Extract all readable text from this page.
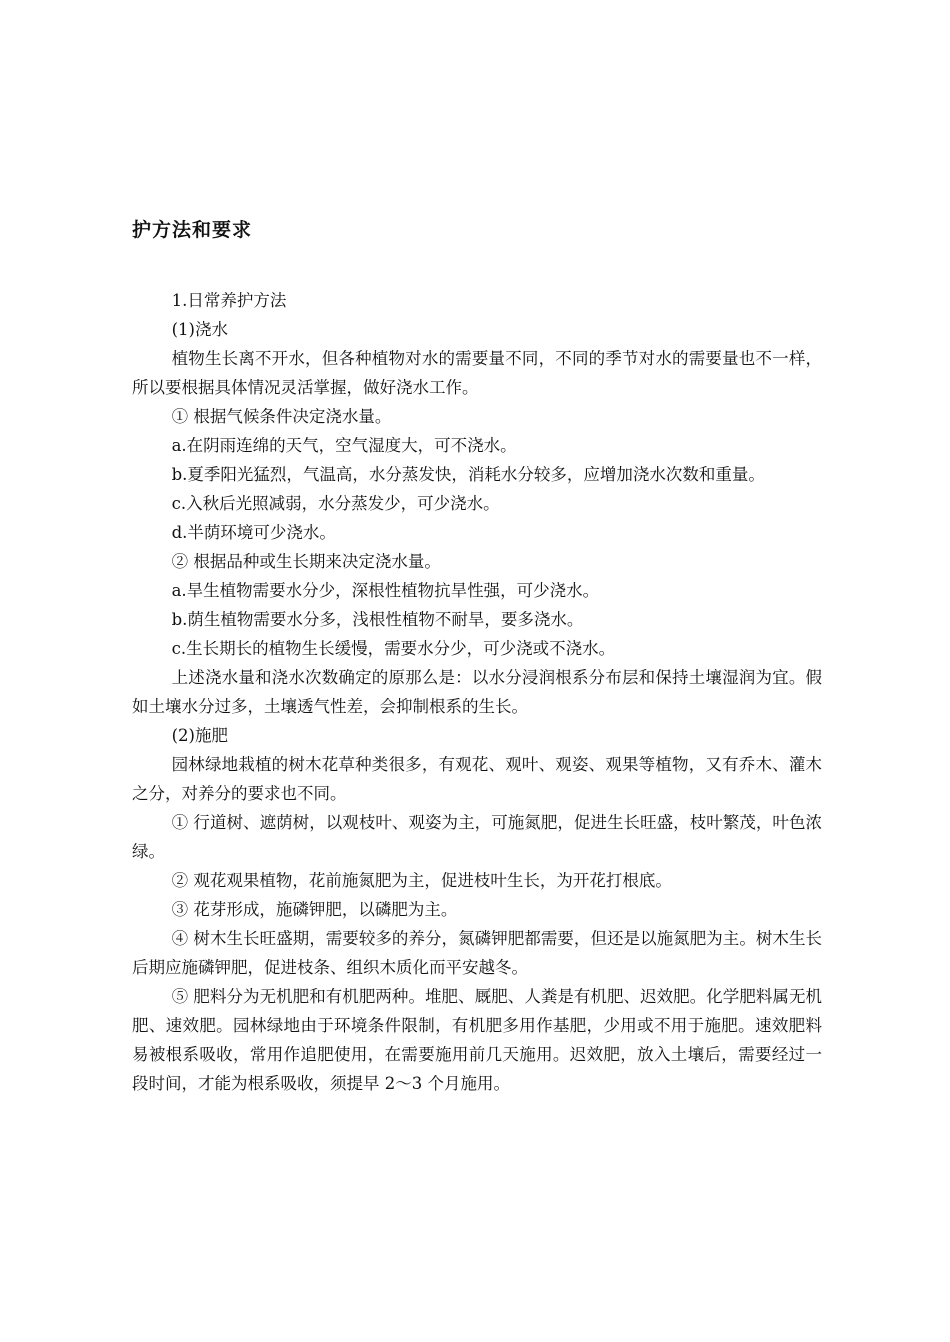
护方法和要求

1.日常养护方法

(1)浇水

植物生长离不开水，但各种植物对水的需要量不同，不同的季节对水的需要量也不一样，所以要根据具体情况灵活掌握，做好浇水工作。

① 根据气候条件决定浇水量。

a.在阴雨连绵的天气，空气湿度大，可不浇水。

b.夏季阳光猛烈，气温高，水分蒸发快，消耗水分较多，应增加浇水次数和重量。

c.入秋后光照减弱，水分蒸发少，可少浇水。

d.半荫环境可少浇水。

② 根据品种或生长期来决定浇水量。

a.旱生植物需要水分少，深根性植物抗旱性强，可少浇水。

b.荫生植物需要水分多，浅根性植物不耐旱，要多浇水。

c.生长期长的植物生长缓慢，需要水分少，可少浇或不浇水。

上述浇水量和浇水次数确定的原那么是：以水分浸润根系分布层和保持土壤湿润为宜。假如土壤水分过多，土壤透气性差，会抑制根系的生长。

(2)施肥

园林绿地栽植的树木花草种类很多，有观花、观叶、观姿、观果等植物，又有乔木、灌木之分，对养分的要求也不同。

① 行道树、遮荫树，以观枝叶、观姿为主，可施氮肥，促进生长旺盛，枝叶繁茂，叶色浓绿。

② 观花观果植物，花前施氮肥为主，促进枝叶生长，为开花打根底。

③ 花芽形成，施磷钾肥，以磷肥为主。

④ 树木生长旺盛期，需要较多的养分，氮磷钾肥都需要，但还是以施氮肥为主。树木生长后期应施磷钾肥，促进枝条、组织木质化而平安越冬。

⑤ 肥料分为无机肥和有机肥两种。堆肥、厩肥、人粪是有机肥、迟效肥。化学肥料属无机肥、速效肥。园林绿地由于环境条件限制，有机肥多用作基肥，少用或不用于施肥。速效肥料易被根系吸收，常用作追肥使用，在需要施用前几天施用。迟效肥，放入土壤后，需要经过一段时间，才能为根系吸收，须提早 2～3 个月施用。
